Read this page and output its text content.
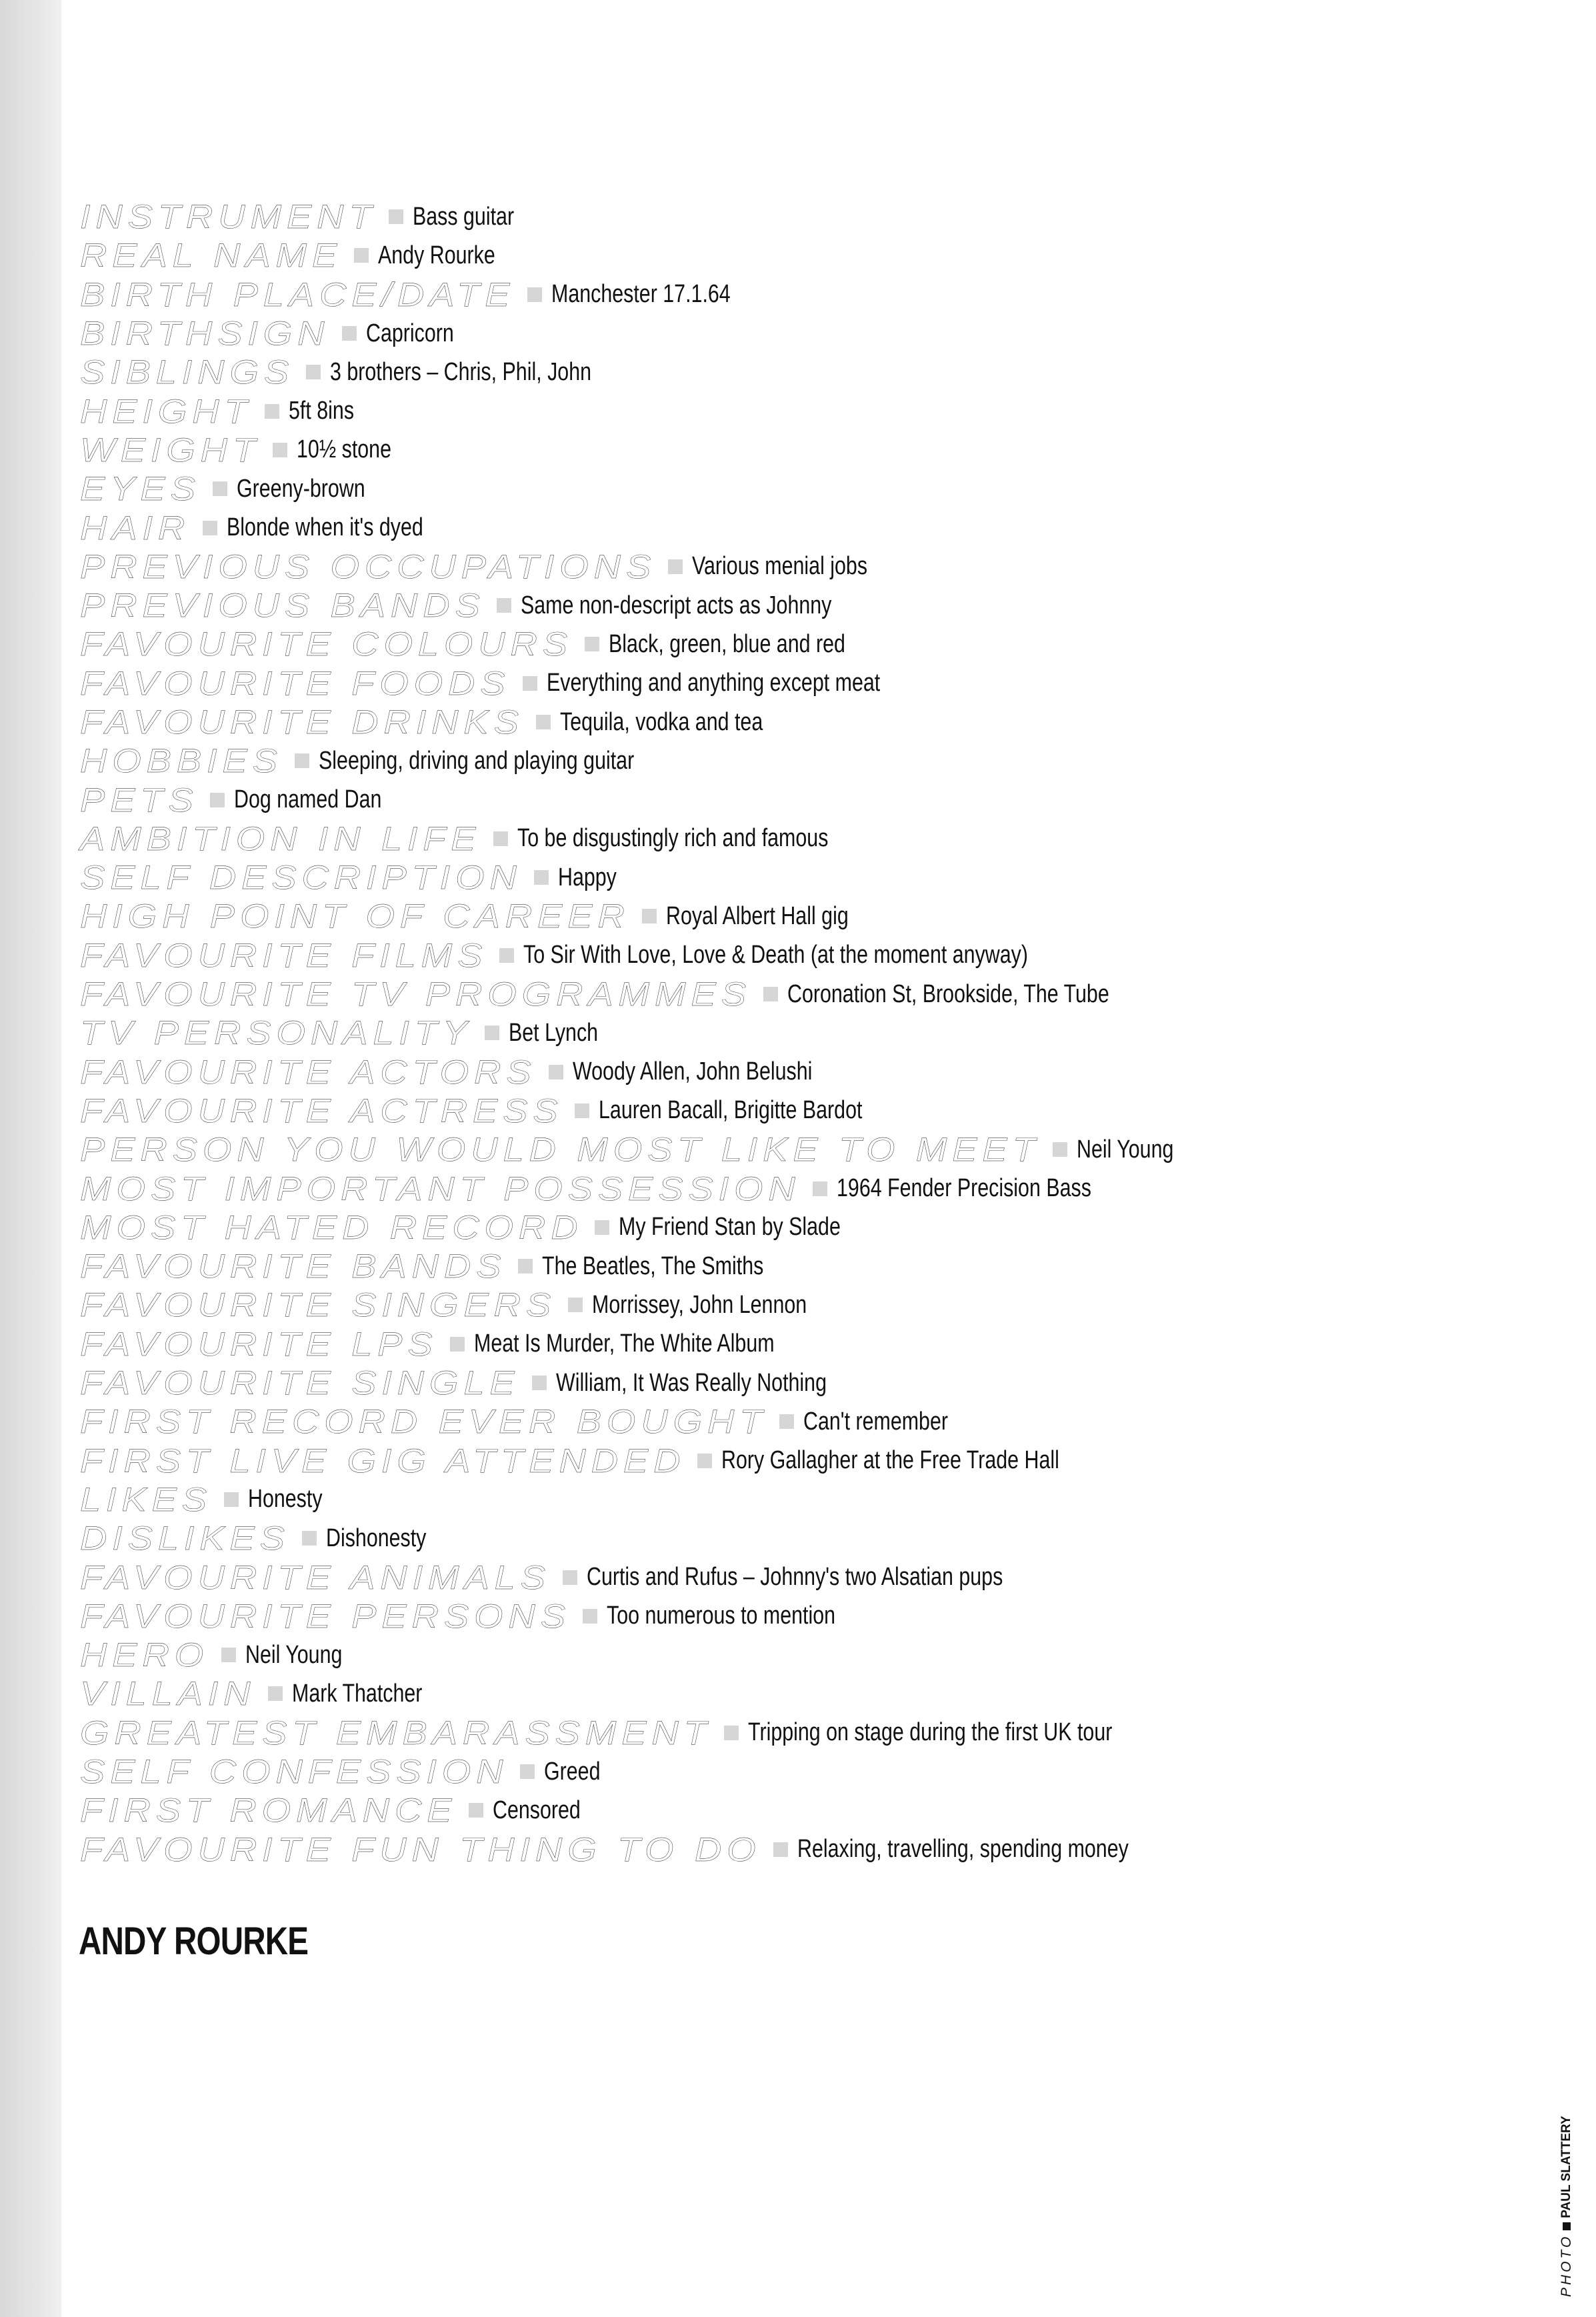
INSTRUMENT Bass guitar
REAL NAME Andy Rourke
BIRTH PLACE/DATE Manchester 17.1.64
BIRTHSIGN Capricorn
SIBLINGS 3 brothers – Chris, Phil, John
HEIGHT 5ft 8ins
WEIGHT 10½ stone
EYES Greeny-brown
HAIR Blonde when it's dyed
PREVIOUS OCCUPATIONS Various menial jobs
PREVIOUS BANDS Same non-descript acts as Johnny
FAVOURITE COLOURS Black, green, blue and red
FAVOURITE FOODS Everything and anything except meat
FAVOURITE DRINKS Tequila, vodka and tea
HOBBIES Sleeping, driving and playing guitar
PETS Dog named Dan
AMBITION IN LIFE To be disgustingly rich and famous
SELF DESCRIPTION Happy
HIGH POINT OF CAREER Royal Albert Hall gig
FAVOURITE FILMS To Sir With Love, Love & Death (at the moment anyway)
FAVOURITE TV PROGRAMMES Coronation St, Brookside, The Tube
TV PERSONALITY Bet Lynch
FAVOURITE ACTORS Woody Allen, John Belushi
FAVOURITE ACTRESS Lauren Bacall, Brigitte Bardot
PERSON YOU WOULD MOST LIKE TO MEET Neil Young
MOST IMPORTANT POSSESSION 1964 Fender Precision Bass
MOST HATED RECORD My Friend Stan by Slade
FAVOURITE BANDS The Beatles, The Smiths
FAVOURITE SINGERS Morrissey, John Lennon
FAVOURITE LPS Meat Is Murder, The White Album
FAVOURITE SINGLE William, It Was Really Nothing
FIRST RECORD EVER BOUGHT Can't remember
FIRST LIVE GIG ATTENDED Rory Gallagher at the Free Trade Hall
LIKES Honesty
DISLIKES Dishonesty
FAVOURITE ANIMALS Curtis and Rufus – Johnny's two Alsatian pups
FAVOURITE PERSONS Too numerous to mention
HERO Neil Young
VILLAIN Mark Thatcher
GREATEST EMBARASSMENT Tripping on stage during the first UK tour
SELF CONFESSION Greed
FIRST ROMANCE Censored
FAVOURITE FUN THING TO DO Relaxing, travelling, spending money
ANDY ROURKE
PHOTO
PAUL SLATTERY
